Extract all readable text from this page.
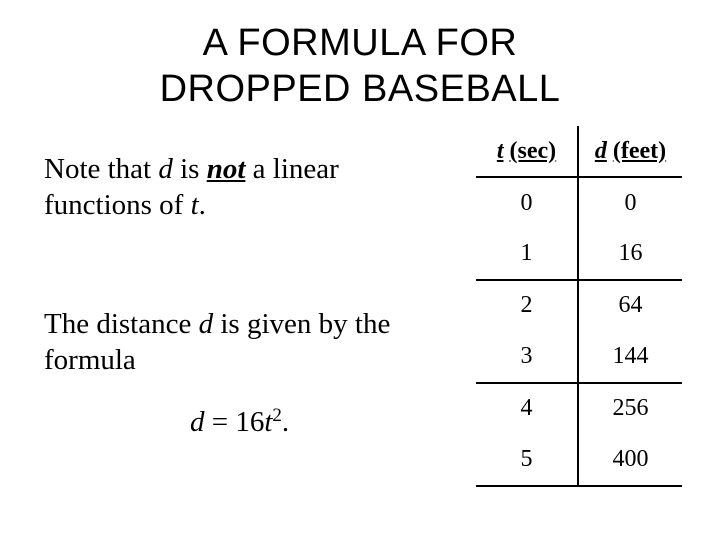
A FORMULA FOR
DROPPED BASEBALL
Note that d is not a linear functions of t.
The distance d is given by the formula
$d = 16t^2$.
t (sec)	d (feet)
0	0
1	16
2	64
3	144
4	256
5	400
